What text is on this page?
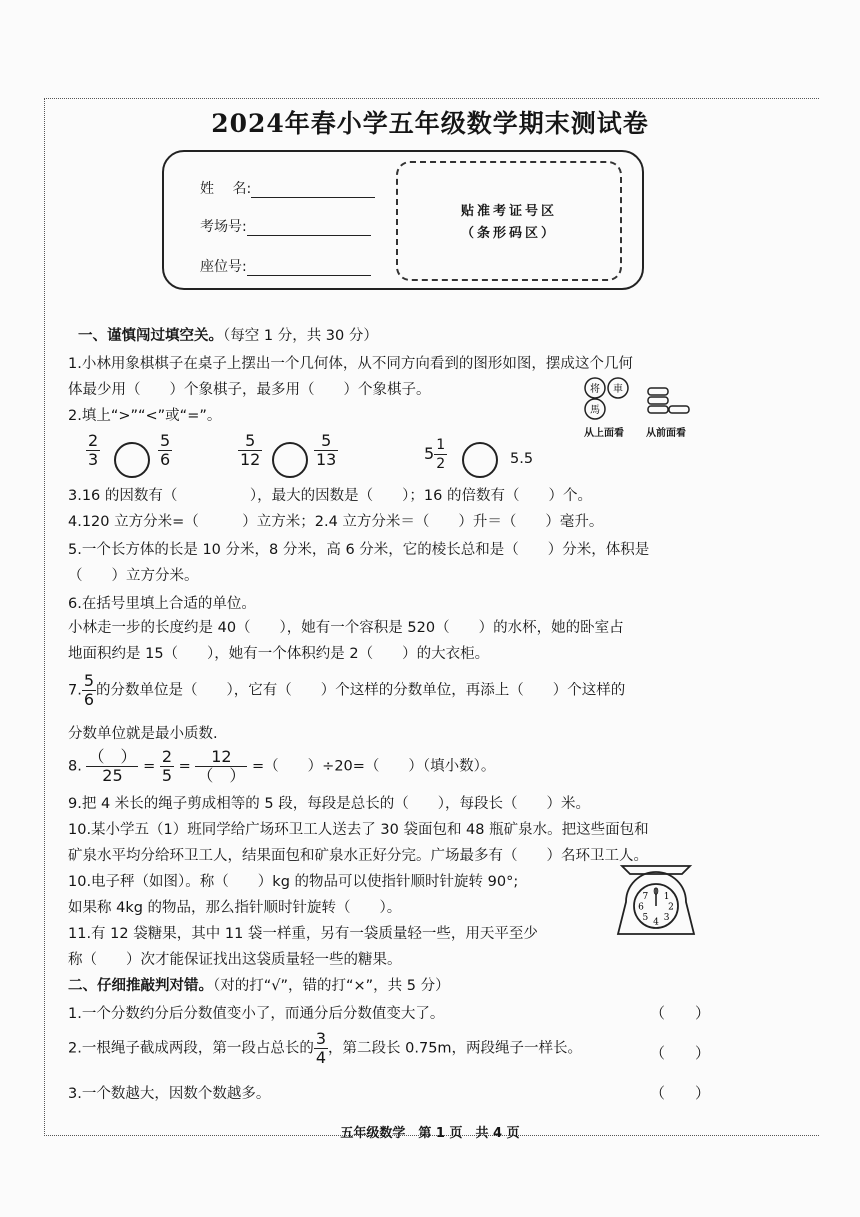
2024年春小学五年级数学期末测试卷
姓　 名:
考场号:
座位号:
贴准考证号区
（条形码区）
一、谨慎闯过填空关。（每空 1 分，共 30 分）
1.小林用象棋棋子在桌子上摆出一个几何体，从不同方向看到的图形如图，摆成这个几何
体最少用（　　）个象棋子，最多用（　　）个象棋子。	将 車
馬
从上面看 从前面看
2.填上“>”“<”或“=”。
$\frac{2}{3}$	$\frac{5}{6}$	$\frac{5}{12}$	$\frac{5}{13}$	$5 \frac{1}{2}$	5.5
3.16 的因数有（　　　　　），最大的因数是（　　）；16 的倍数有（　　）个。
4.120 立方分米=（　　　）立方米；2.4 立方分米＝（　　）升＝（　　）毫升。
5.一个长方体的长是 10 分米，8 分米，高 6 分米，它的棱长总和是（　　）分米，体积是
（　　）立方分米。
6.在括号里填上合适的单位。
小林走一步的长度约是 40（　　），她有一个容积是 520（　　）的水杯，她的卧室占
地面积约是 15（　　），她有一个体积约是 2（　　）的大衣柜。
7. $\frac{5}{6}$ 的分数单位是（　　），它有（　　）个这样的分数单位，再添上（　　）个这样的
分数单位就是最小质数.
8. $\frac{( )}{25} = \frac{2}{5} = \frac{12}{( )}$ =（　　）÷20=（　　）（填小数）。
9.把 4 米长的绳子剪成相等的 5 段，每段是总长的（　　），每段长（　　）米。
10.某小学五（1）班同学给广场环卫工人送去了 30 袋面包和 48 瓶矿泉水。把这些面包和
矿泉水平均分给环卫工人，结果面包和矿泉水正好分完。广场最多有（　　）名环卫工人。
10.电子秤（如图）。称（　　）kg 的物品可以使指针顺时针旋转 90°;
如果称 4kg 的物品，那么指针顺时针旋转（　　）。
11.有 12 袋糖果，其中 11 袋一样重，另有一袋质量轻一些，用天平至少
称（　　）次才能保证找出这袋质量轻一些的糖果。
0 1
2
3
4
5
6
7
二、仔细推敲判对错。（对的打“√”，错的打“×”，共 5 分）
1.一个分数约分后分数值变小了，而通分后分数值变大了。	（　　）
2.一根绳子截成两段，第一段占总长的 $\frac{3}{4}$ ，第二段长 0.75m，两段绳子一样长。	（　　）
3.一个数越大，因数个数越多。	（　　）
五年级数学　第 1 页　共 4 页
